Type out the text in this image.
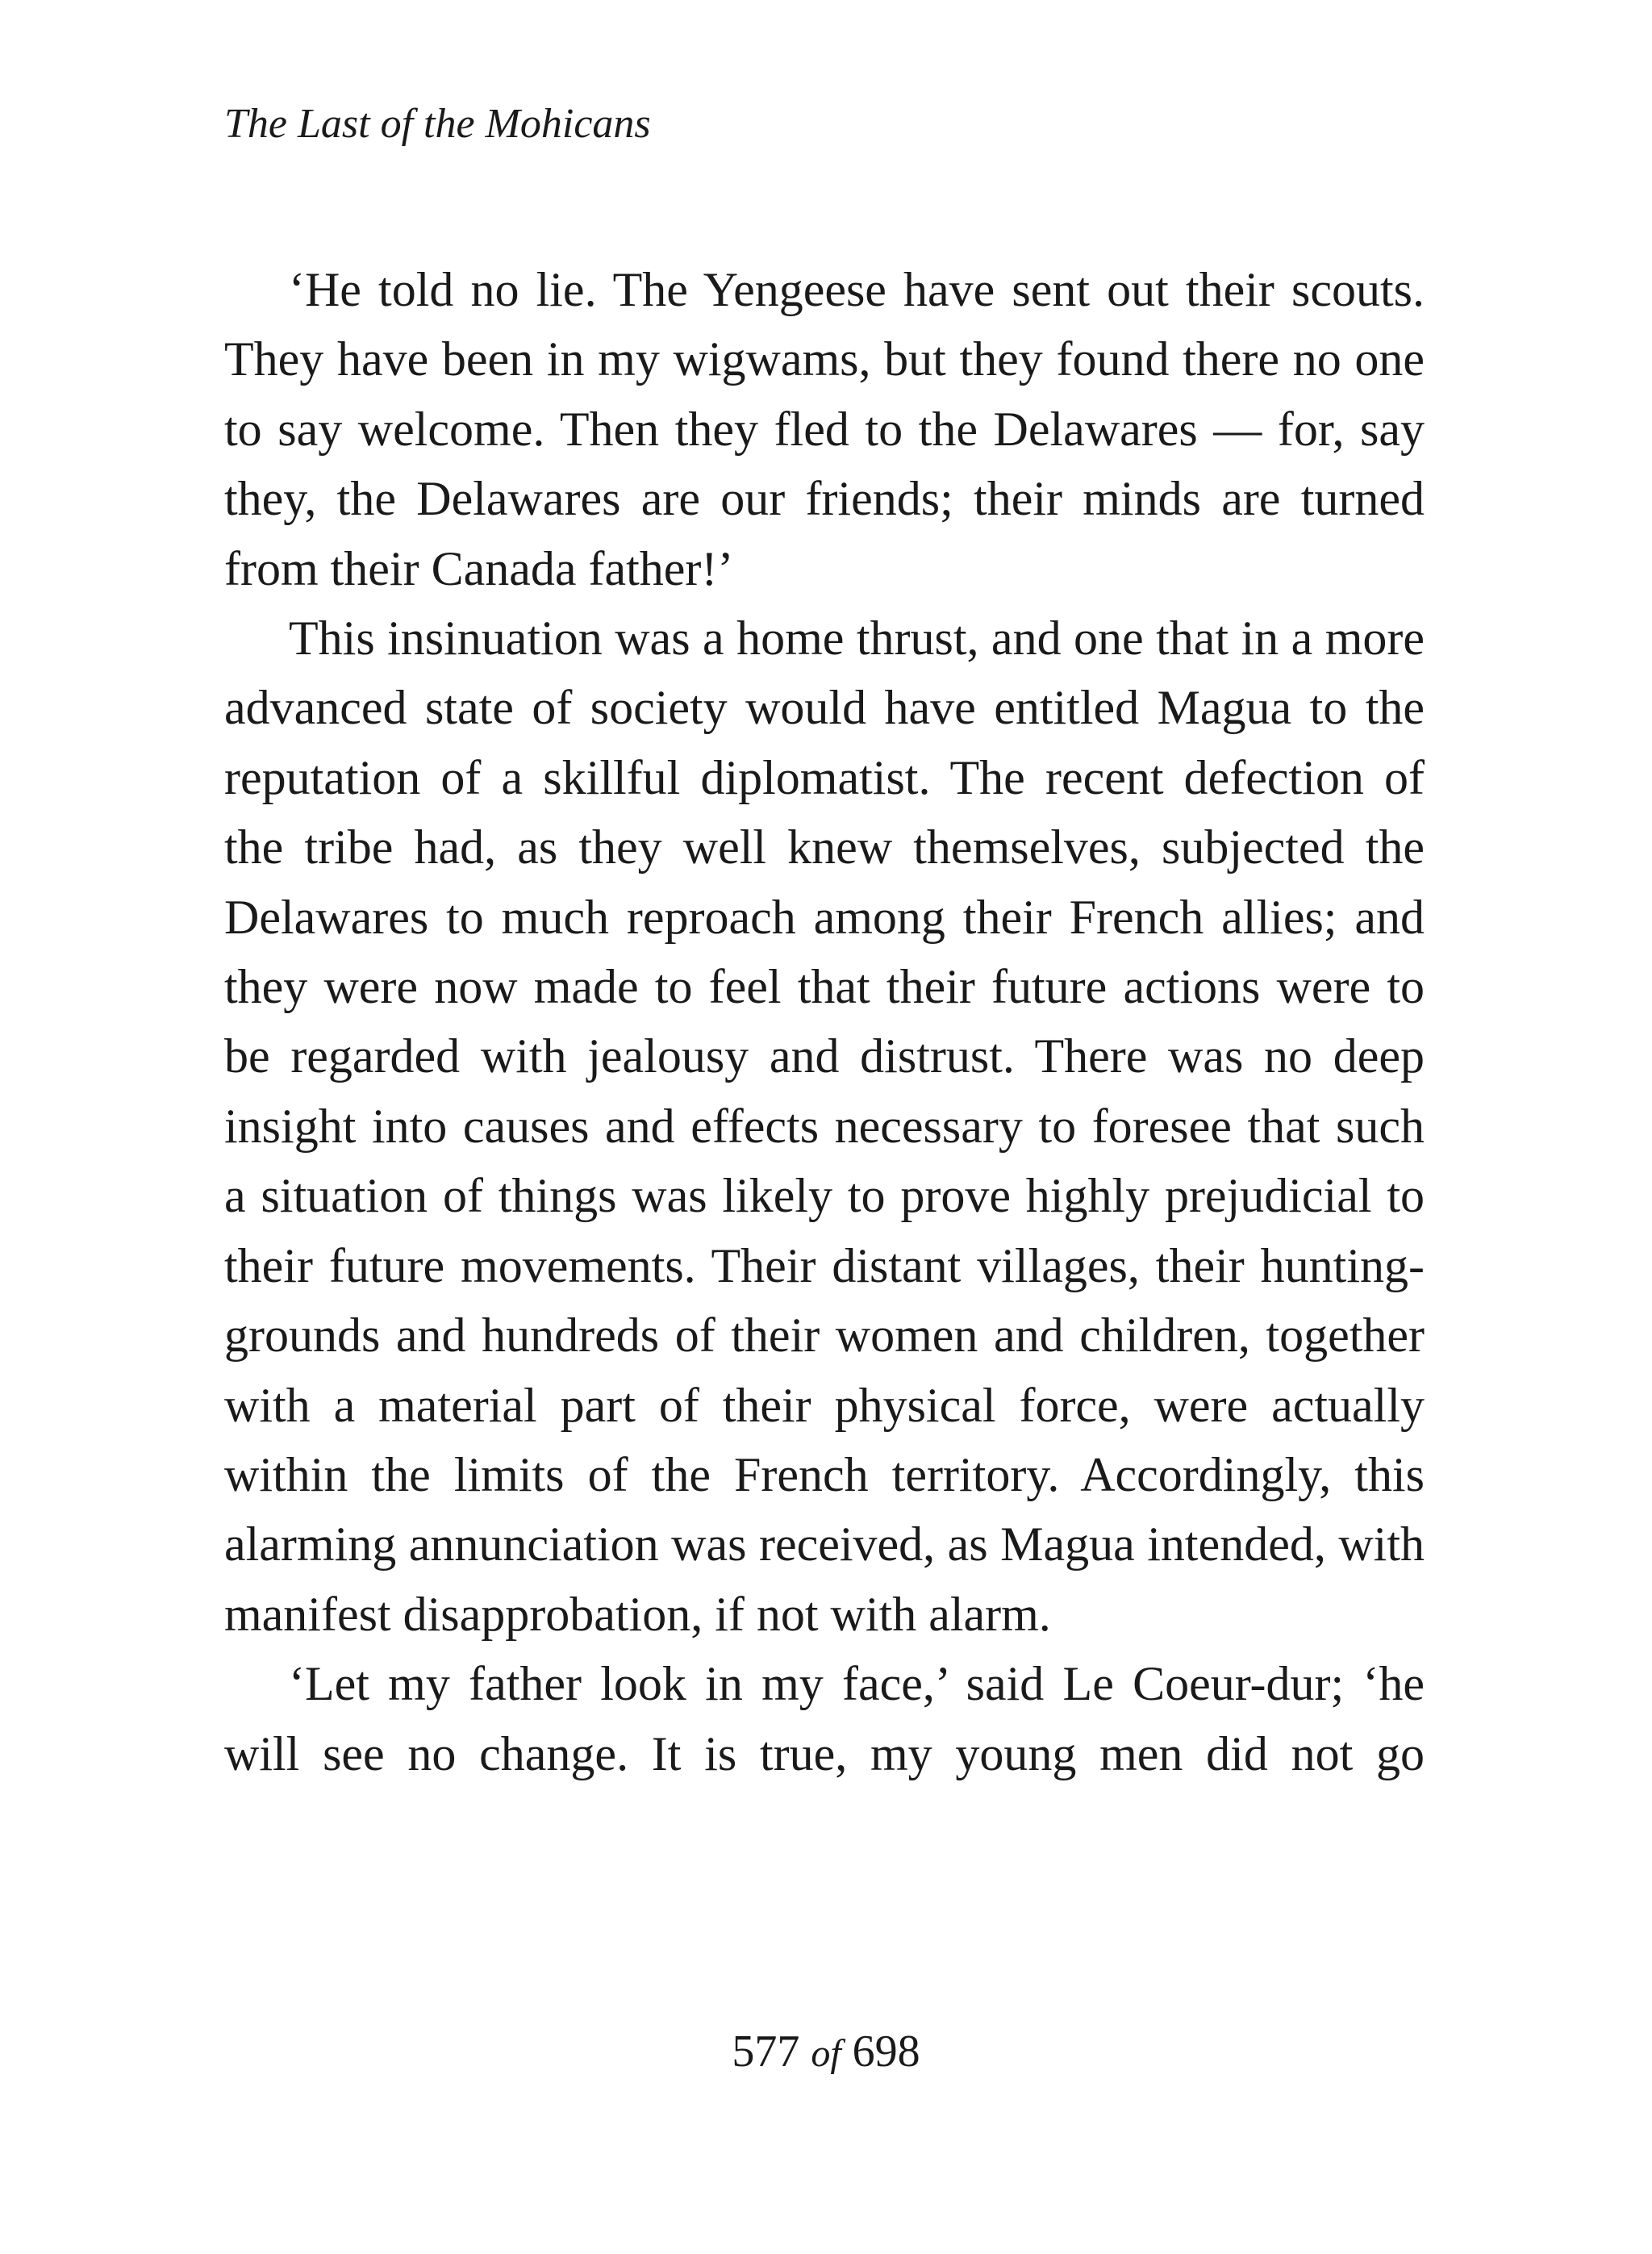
The Last of the Mohicans

‘He told no lie. The Yengeese have sent out their scouts. They have been in my wigwams, but they found there no one to say welcome. Then they fled to the Delawares — for, say they, the Delawares are our friends; their minds are turned from their Canada father!’

This insinuation was a home thrust, and one that in a more advanced state of society would have entitled Magua to the reputation of a skillful diplomatist. The recent defection of the tribe had, as they well knew themselves, subjected the Delawares to much reproach among their French allies; and they were now made to feel that their future actions were to be regarded with jealousy and distrust. There was no deep insight into causes and effects necessary to foresee that such a situation of things was likely to prove highly prejudicial to their future movements. Their distant villages, their hunting-grounds and hundreds of their women and children, together with a material part of their physical force, were actually within the limits of the French territory. Accordingly, this alarming annunciation was received, as Magua intended, with manifest disapprobation, if not with alarm.

‘Let my father look in my face,’ said Le Coeur-dur; ‘he will see no change. It is true, my young men did not go

577 of 698
